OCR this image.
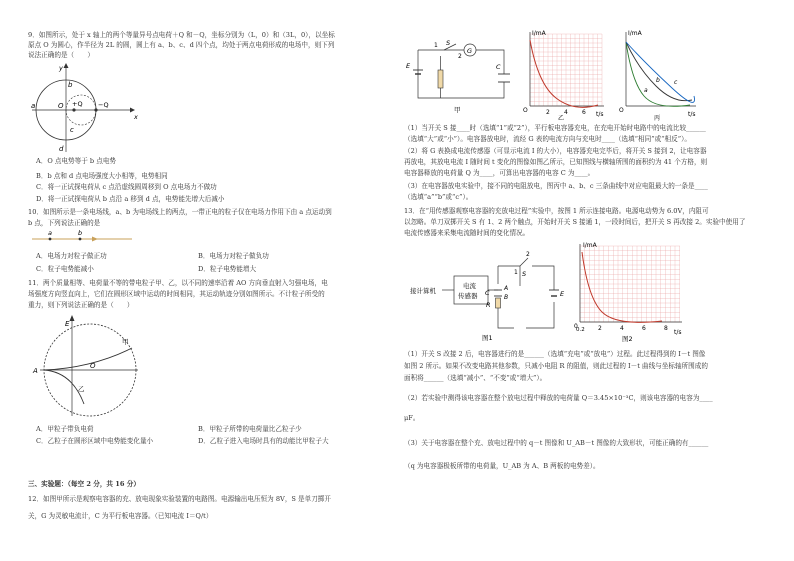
9．如图所示，处于 x 轴上的两个等量异号点电荷＋Q 和－Q，坐标分别为（L，0）和（3L，0），以坐标
原点 O 为圆心，作半径为 2L 的圆，圆上有 a、b、c、d 四个点，均处于两点电荷形成的电场中，则下列
说法正确的是（　　）
y
x
a
b
c
d
O +Q −Q
A．O 点电势等于 b 点电势
B．b 点和 d 点电场强度大小相等，电势相同
C．将一正试探电荷从 c 点沿虚线圆周移到 O 点电场力不做功
D．将一正试探电荷从 b 点沿 a 移到 d 点，电势能先增大后减小
10．如图所示是一条电场线，a、b 为电场线上的两点，一带正电的粒子仅在电场力作用下由 a 点运动到
b 点，下列说法正确的是
a	b
A．电场力对粒子做正功	B．电场力对粒子做负功
C．粒子电势能减小	D．粒子电势能增大
11．两个质量相等、电荷量不等的带电粒子甲、乙，以不同的速率沿着 AO 方向垂直射入匀强电场，电
场强度方向竖直向上，它们在圆形区域中运动的时间相同，其运动轨迹分别如图所示。不计粒子所受的
重力，则下列说法正确的是（　　）
E
A
O
甲
乙
A．甲粒子带负电荷	B．甲粒子所带的电荷量比乙粒子少
C．乙粒子在圆形区域中电势能变化量小	D．乙粒子进入电场时具有的动能比甲粒子大
三、实验题：（每空 2 分，共 16 分）
12．如图甲所示是观察电容器的充、放电现象实验装置的电路图。电源输出电压恒为 8V，S 是单刀掷开
关，G 为灵敏电流计，C 为平行板电容器。（已知电流 I＝Q/t）
S
G
C
E
1
2
甲
I/mA
t/s
O	2 4 6
乙
I/mA
t/s
O
a
b c
丙
（1）当开关 S 接____时（选填“1”或“2”），平行板电容器充电，在充电开始时电路中的电流比较______
（选填“大”或“小”）。电容器放电时，流经 G 表的电流方向与充电时____（选填“相同”或“相反”）。
（2）将 G 表换成电流传感器（可显示电流 I 的大小），电容器充电完毕后，将开关 S 接到 2，让电容器
再放电，其放电电流 I 随时间 t 变化的图像如图乙所示，已知图线与横轴所围的面积约为 41 个方格，则
电容器释放的电荷量 Q 为____，可算出电容器的电容 C 为____。
（3）在电容器放电实验中，接不同的电阻放电，图丙中 a、b、c 三条曲线中对应电阻最大的一条是____
（选填“a”“b”或“c”）。
13．在“用传感器观察电容器的充放电过程”实验中，按图 1 所示连接电路。电源电动势为 6.0V，内阻可
以忽略。单刀双掷开关 S 有 1、2 两个触点，开始时开关 S 接通 1，一段时间后，把开关 S 再改接 2。实验中使用了
电流传感器来采集电流随时间的变化情况。
接计算机
电流
传感器
S
C
A
B
R
E
1
2
图1
I/mA
t/s
0
0.2 2	4	6	8
图2
（1）开关 S 改接 2 后，电容器进行的是______（选填“充电”或“放电”）过程。此过程得到的 I－t 图像
如图 2 所示。如果不改变电路其他参数，只减小电阻 R 的阻值，则此过程的 I－t 曲线与坐标轴所围成的
面积将______（选填“减小”、“不变”或“增大”）。
（2）若实验中测得该电容器在整个放电过程中释放的电荷量 Q＝3.45×10⁻³C，则该电容器的电容为____
μF。
（3）关于电容器在整个充、放电过程中的 q－t 图像和 U_AB－t 图像的大致形状，可能正确的有______
（q 为电容器极板所带的电荷量，U_AB 为 A、B 两板的电势差）。
